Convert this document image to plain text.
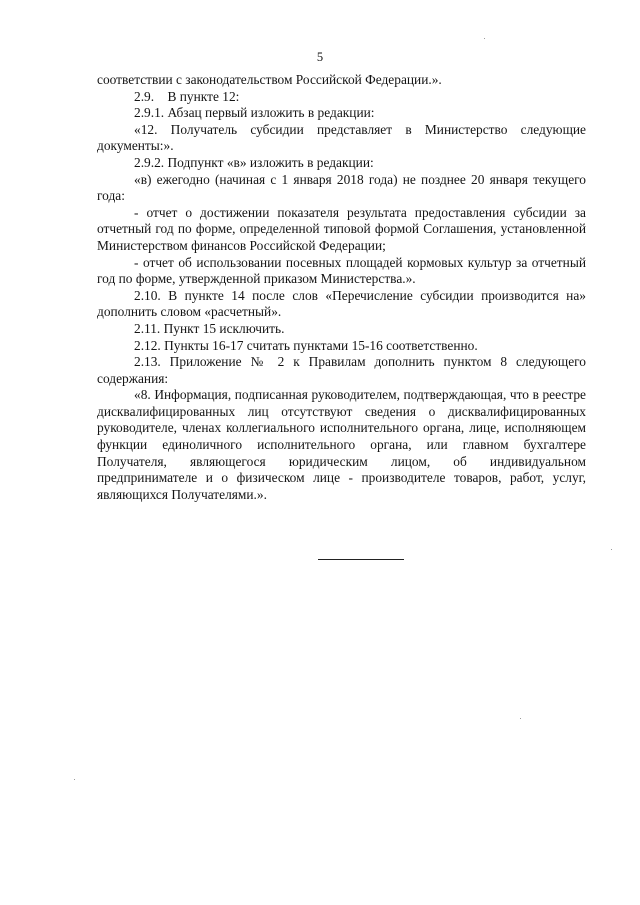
5

соответствии с законодательством Российской Федерации.».

2.9.    В пункте 12:

2.9.1. Абзац первый изложить в редакции:

«12. Получатель субсидии представляет в Министерство следующие документы:».

2.9.2. Подпункт «в» изложить в редакции:

«в) ежегодно (начиная с 1 января 2018 года) не позднее 20 января текущего года:

- отчет о достижении показателя результата предоставления субсидии за отчетный год по форме, определенной типовой формой Соглашения, установленной Министерством финансов Российской Федерации;

- отчет об использовании посевных площадей кормовых культур за отчетный год по форме, утвержденной приказом Министерства.».

2.10. В пункте 14 после слов «Перечисление субсидии производится на» дополнить словом «расчетный».

2.11. Пункт 15 исключить.

2.12. Пункты 16-17 считать пунктами 15-16 соответственно.

2.13. Приложение № 2 к Правилам дополнить пунктом 8 следующего содержания:

«8. Информация, подписанная руководителем, подтверждающая, что в реестре дисквалифицированных лиц отсутствуют сведения о дисквалифицированных руководителе, членах коллегиального исполнительного органа, лице, исполняющем функции единоличного исполнительного органа, или главном бухгалтере Получателя, являющегося юридическим лицом, об индивидуальном предпринимателе и о физическом лице - производителе товаров, работ, услуг, являющихся Получателями.».
